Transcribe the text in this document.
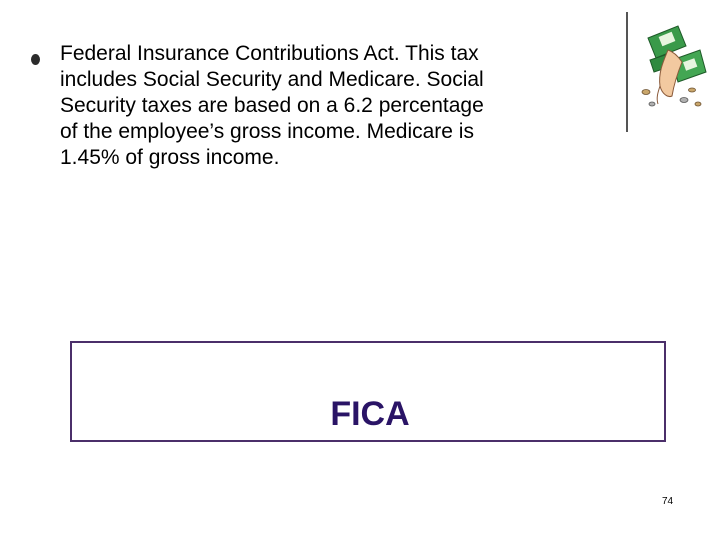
Federal Insurance Contributions Act. This tax
includes Social Security and Medicare. Social
Security taxes are based on a 6.2 percentage
of the employee’s gross income. Medicare is
1.45% of gross income.
FICA
74
